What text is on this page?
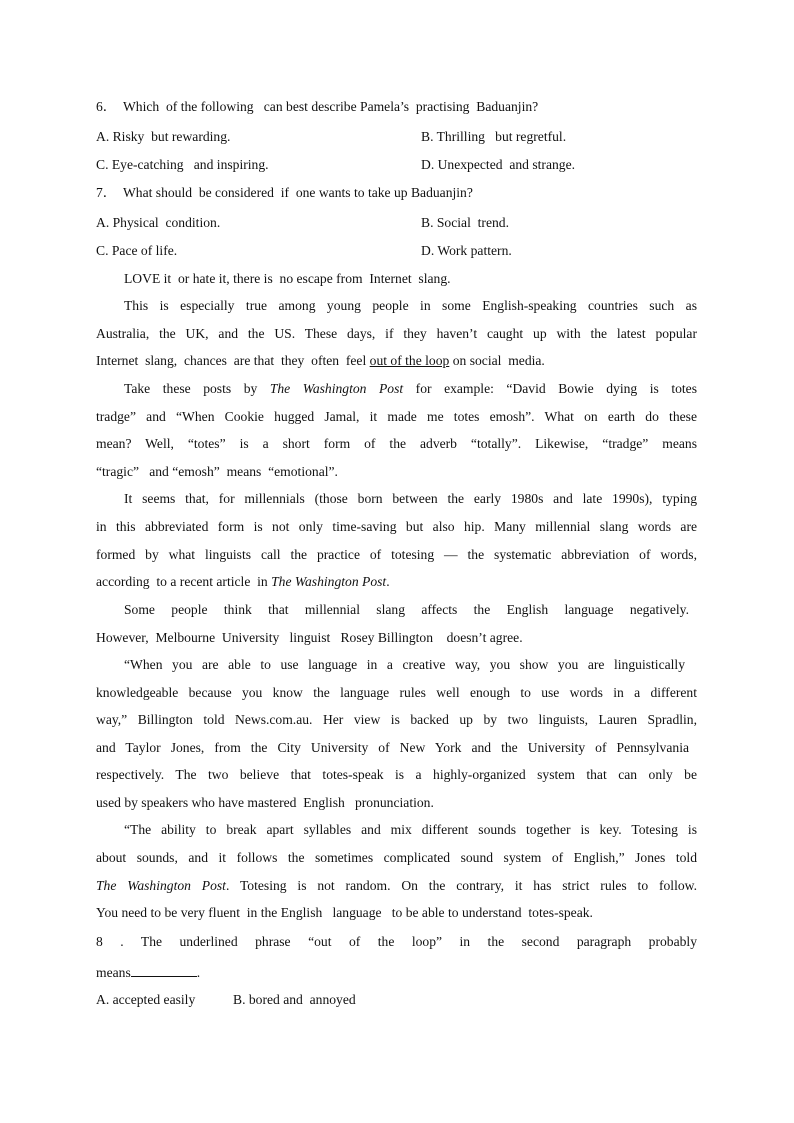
6．  Which  of the following   can best describe Pamela’s  practising  Baduanjin?
A. Risky  but rewarding.	B. Thrilling   but regretful.
C. Eye-catching   and inspiring.	D. Unexpected  and strange.
7．  What should  be considered  if  one wants to take up Baduanjin?
A. Physical  condition.	B. Social  trend.
C. Pace of life.	D. Work pattern.
LOVE it  or hate it, there is  no escape from  Internet  slang.
This is especially true among young people in some English-speaking countries such as
Australia, the UK, and the US. These days, if they haven’t caught up with the latest popular
Internet  slang,  chances  are that  they  often  feel out of the loop on social  media.
Take these posts by The Washington Post for example: “David Bowie dying is totes
tradge” and “When Cookie hugged Jamal, it made me totes emosh”. What on earth do these
mean? Well, “totes” is a short form of the adverb “totally”. Likewise, “tradge” means
“tragic”   and “emosh”  means  “emotional”.
It seems that, for millennials (those born between the early 1980s and late 1990s), typing
in this abbreviated form is not only time-saving but also hip. Many millennial slang words are
formed by what linguists call the practice of totesing — the systematic abbreviation of words,
according  to a recent article  in The Washington Post.
Some people think that millennial slang affects the English language negatively.
However,  Melbourne  University   linguist   Rosey Billington    doesn’t agree.
“When you are able to use language in a creative way, you show you are linguistically
knowledgeable because you know the language rules well enough to use words in a different
way,” Billington told News.com.au. Her view is backed up by two linguists, Lauren Spradlin,
and Taylor Jones, from the City University of New York and the University of Pennsylvania
respectively. The two believe that totes-speak is a highly-organized system that can only be
used by speakers who have mastered  English   pronunciation.
“The ability to break apart syllables and mix different sounds together is key. Totesing is
about sounds, and it follows the sometimes complicated sound system of English,” Jones told
The Washington Post. Totesing is not random. On the contrary, it has strict rules to follow.
You need to be very fluent  in the English   language   to be able to understand  totes-speak.
8 . The underlined phrase “out of the loop” in the second paragraph probably
means	.
A. accepted easily	B. bored and  annoyed
